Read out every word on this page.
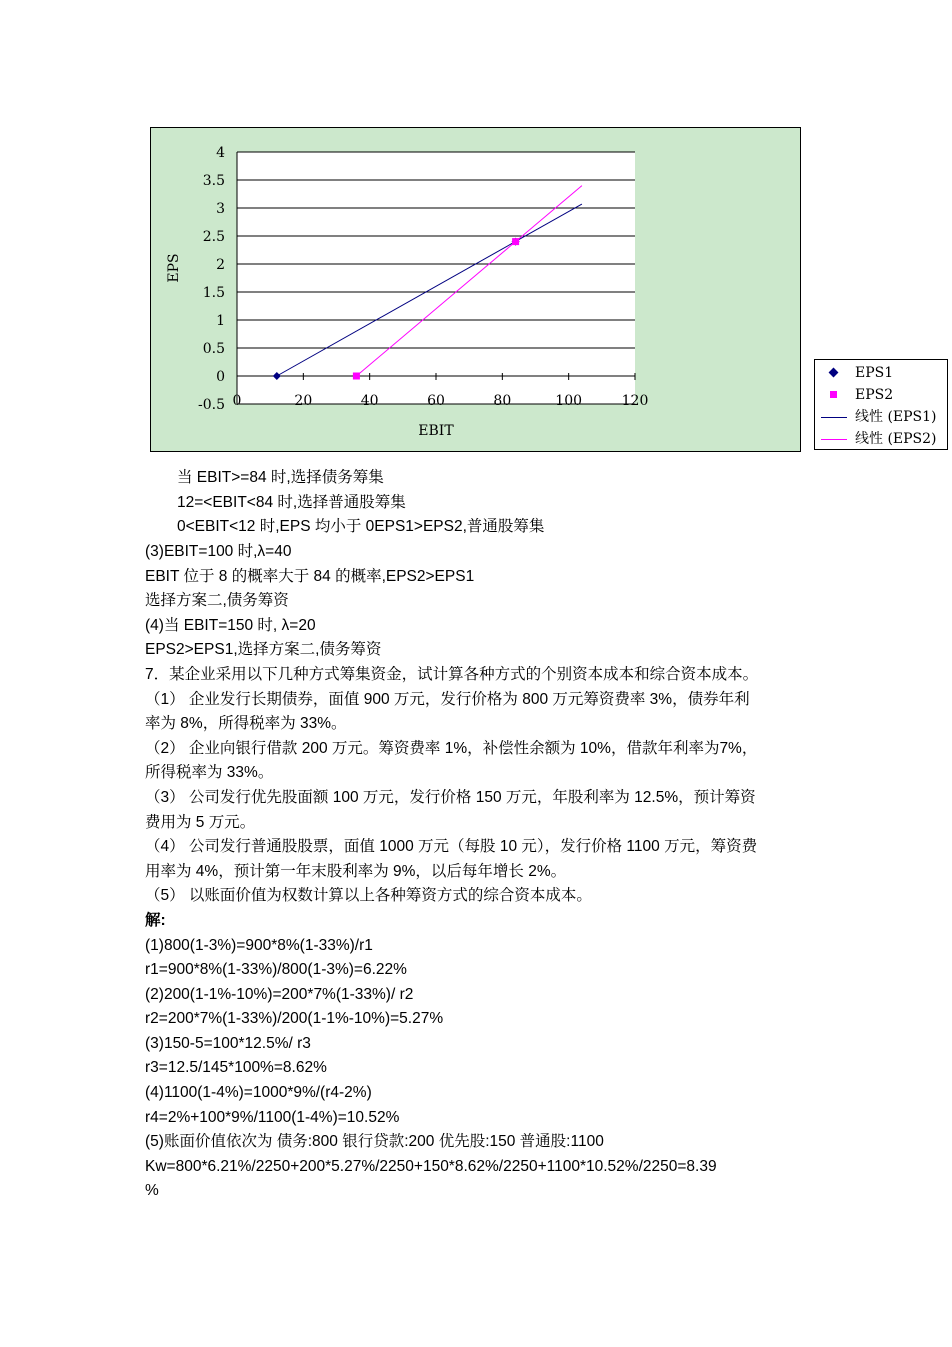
4
3.5
3
2.5
2
1.5
1
0.5
0
-0.5 0	20	40	60	80	100	120
EBIT
EPS
EPS1
EPS2
线性 (EPS1)
线性 (EPS2)
当 EBIT>=84 时,选择债务筹集
12=<EBIT<84 时,选择普通股筹集
0<EBIT<12 时,EPS 均小于 0EPS1>EPS2,普通股筹集
(3)EBIT=100 时,λ=40
EBIT 位于 8 的概率大于 84 的概率,EPS2>EPS1
选择方案二,债务筹资
(4)当 EBIT=150 时, λ=20
EPS2>EPS1,选择方案二,债务筹资
7．某企业采用以下几种方式筹集资金，试计算各种方式的个别资本成本和综合资本成本。
（1） 企业发行长期债券，面值 900 万元，发行价格为 800 万元筹资费率 3%，债券年利
率为 8%，所得税率为 33%。
（2） 企业向银行借款 200 万元。筹资费率 1%，补偿性余额为 10%，借款年利率为7%，
所得税率为 33%。
（3） 公司发行优先股面额 100 万元，发行价格 150 万元，年股利率为 12.5%，预计筹资
费用为 5 万元。
（4） 公司发行普通股股票，面值 1000 万元（每股 10 元），发行价格 1100 万元，筹资费
用率为 4%，预计第一年末股利率为 9%，以后每年增长 2%。
（5） 以账面价值为权数计算以上各种筹资方式的综合资本成本。
解:
(1)800(1-3%)=900*8%(1-33%)/r1
r1=900*8%(1-33%)/800(1-3%)=6.22%
(2)200(1-1%-10%)=200*7%(1-33%)/ r2
r2=200*7%(1-33%)/200(1-1%-10%)=5.27%
(3)150-5=100*12.5%/ r3
r3=12.5/145*100%=8.62%
(4)1100(1-4%)=1000*9%/(r4-2%)
r4=2%+100*9%/1100(1-4%)=10.52%
(5)账面价值依次为 债务:800 银行贷款:200 优先股:150 普通股:1100
Kw=800*6.21%/2250+200*5.27%/2250+150*8.62%/2250+1100*10.52%/2250=8.39
%
